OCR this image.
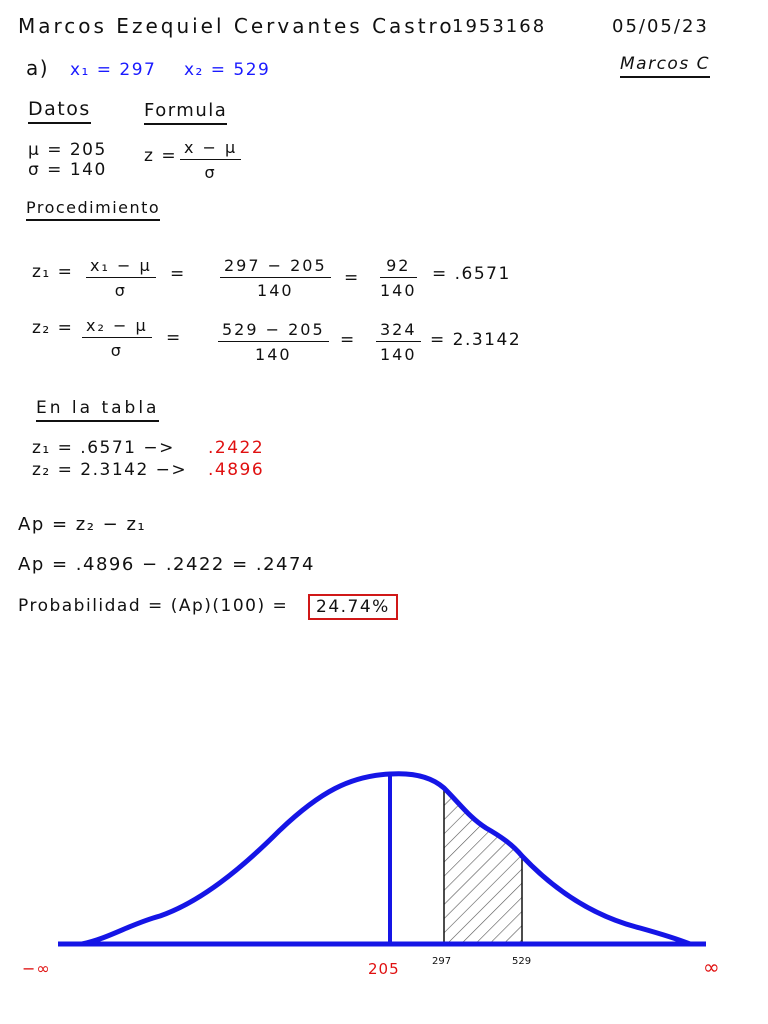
Marcos Ezequiel Cervantes Castro
1953168	05/05/23
Marcos C
a) x₁ = 297 x₂ = 529
Datos	Formula
μ = 205
σ = 140
$z = \frac{x - \mu}{\sigma}$
Procedimiento
$z_1 = \frac{\text{x₁ − μ}}{\sigma} = \frac{297 - 205}{140} = \frac{92}{140} = .6571$
$z_2 = \frac{\text{x₂ − μ}}{\sigma} = \frac{529 - 205}{140} = \frac{324}{140} = 2.3142$
En la tabla
z₁ = .6571 −> .2422
z₂ = 2.3142 −> .4896
Ap = z₂ − z₁
Ap = .4896 − .2422 = .2474
Probabilidad = (Ap)(100) =	24.74%
−∞	205	297	529	∞
